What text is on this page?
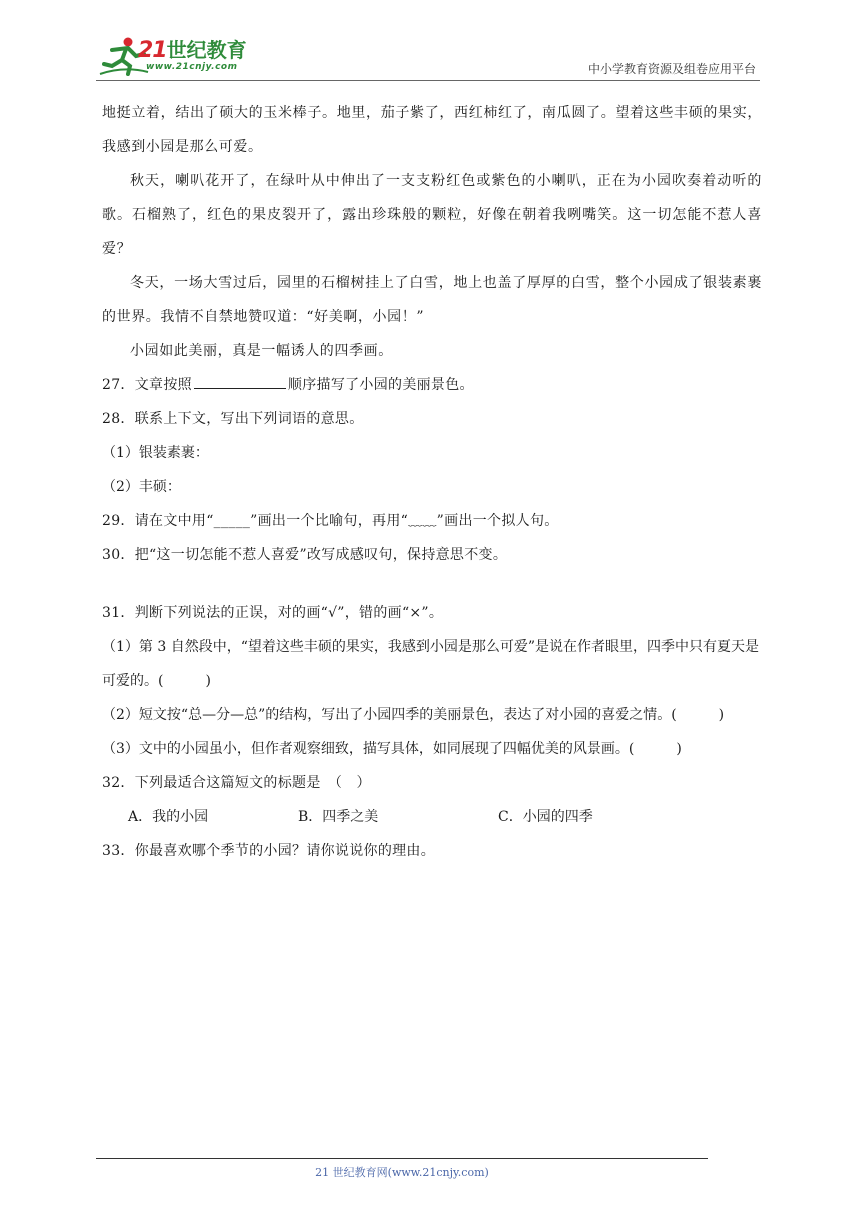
21世纪教育
www.21cnjy.com	中小学教育资源及组卷应用平台

地挺立着，结出了硕大的玉米棒子。地里，茄子紫了，西红柿红了，南瓜圆了。望着这些丰硕的果实，我感到小园是那么可爱。

秋天，喇叭花开了，在绿叶从中伸出了一支支粉红色或紫色的小喇叭，正在为小园吹奏着动听的歌。石榴熟了，红色的果皮裂开了，露出珍珠般的颗粒，好像在朝着我咧嘴笑。这一切怎能不惹人喜爱？

冬天，一场大雪过后，园里的石榴树挂上了白雪，地上也盖了厚厚的白雪，整个小园成了银装素裹的世界。我情不自禁地赞叹道：“好美啊，小园！”

小园如此美丽，真是一幅诱人的四季画。

27．文章按照	顺序描写了小园的美丽景色。

28．联系上下文，写出下列词语的意思。

（1）银装素裹：

（2）丰硕：

29．请在文中用“_____”画出一个比喻句，再用“﹏﹏”画出一个拟人句。

30．把“这一切怎能不惹人喜爱”改写成感叹句，保持意思不变。

31．判断下列说法的正误，对的画“√”，错的画“×”。

（1）第 3 自然段中，“望着这些丰硕的果实，我感到小园是那么可爱”是说在作者眼里，四季中只有夏天是可爱的。(　　　)

（2）短文按“总—分—总”的结构，写出了小园四季的美丽景色，表达了对小园的喜爱之情。(　　　)

（3）文中的小园虽小，但作者观察细致，描写具体，如同展现了四幅优美的风景画。(　　　)

32．下列最适合这篇短文的标题是　（　）

A．我的小园	B．四季之美	C．小园的四季

33．你最喜欢哪个季节的小园？请你说说你的理由。

21 世纪教育网(www.21cnjy.com)
